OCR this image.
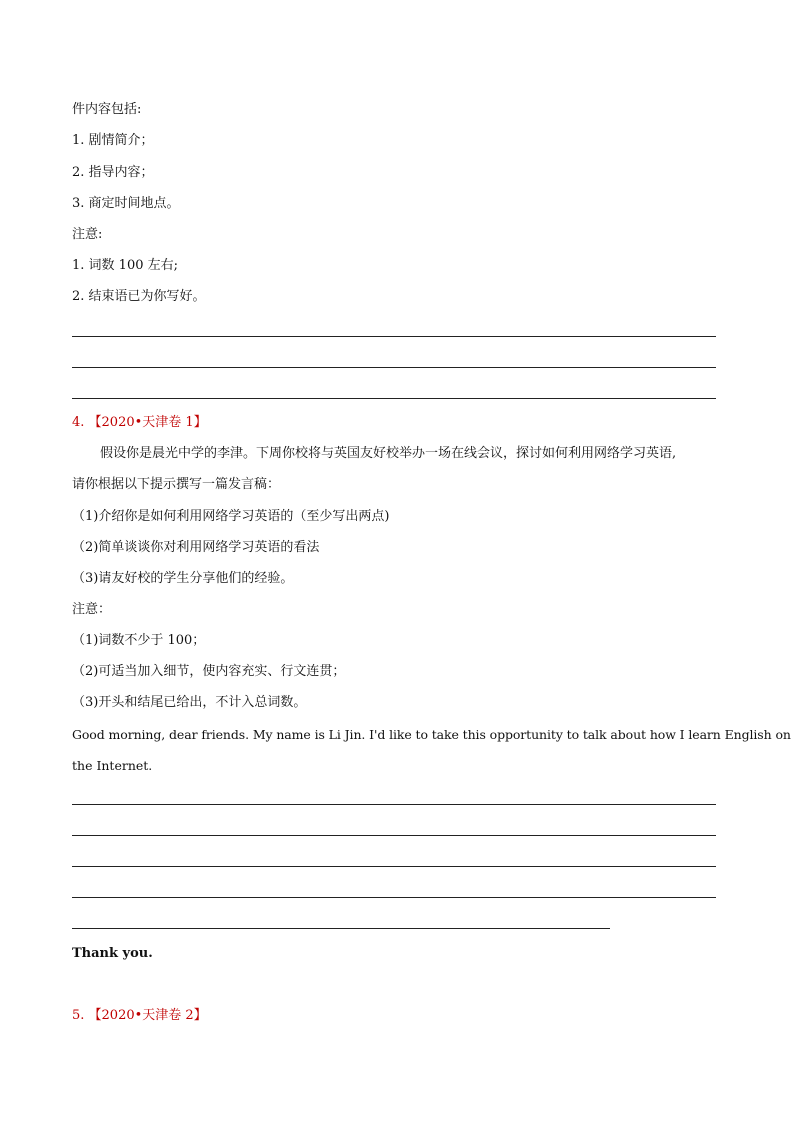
件内容包括:
1. 剧情简介；
2. 指导内容；
3. 商定时间地点。
注意:
1. 词数 100 左右;
2. 结束语已为你写好。
4. 【2020•天津卷 1】
假设你是晨光中学的李津。下周你校将与英国友好校举办一场在线会议，探讨如何利用网络学习英语,
请你根据以下提示撰写一篇发言稿：
（1)介绍你是如何利用网络学习英语的（至少写出两点)
（2)简单谈谈你对利用网络学习英语的看法
（3)请友好校的学生分享他们的经验。
注意：
（1)词数不少于 100；
（2)可适当加入细节，使内容充实、行文连贯；
（3)开头和结尾已给出，不计入总词数。
Good morning, dear friends. My name is Li Jin. I'd like to take this opportunity to talk about how I learn English on
the Internet.
Thank you.
5. 【2020•天津卷 2】
